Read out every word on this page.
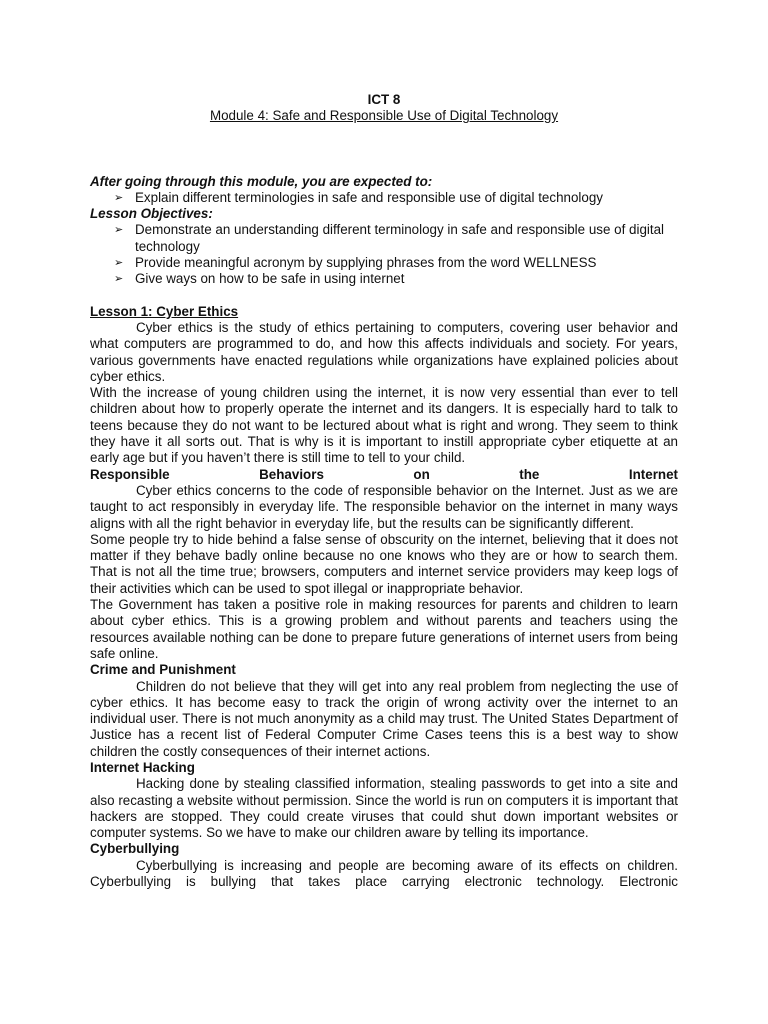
ICT 8
Module 4: Safe and Responsible Use of Digital Technology
After going through this module, you are expected to:
➢ Explain different terminologies in safe and responsible use of digital technology
Lesson Objectives:
➢ Demonstrate an understanding different terminology in safe and responsible use of digital technology
➢ Provide meaningful acronym by supplying phrases from the word WELLNESS
➢ Give ways on how to be safe in using internet
Lesson 1: Cyber Ethics

Cyber ethics is the study of ethics pertaining to computers, covering user behavior and what computers are programmed to do, and how this affects individuals and society. For years, various governments have enacted regulations while organizations have explained policies about cyber ethics.

With the increase of young children using the internet, it is now very essential than ever to tell children about how to properly operate the internet and its dangers. It is especially hard to talk to teens because they do not want to be lectured about what is right and wrong. They seem to think they have it all sorts out. That is why is it is important to instill appropriate cyber etiquette at an early age but if you haven’t there is still time to tell to your child.

Responsible Behaviors on the Internet

Cyber ethics concerns to the code of responsible behavior on the Internet. Just as we are taught to act responsibly in everyday life. The responsible behavior on the internet in many ways aligns with all the right behavior in everyday life, but the results can be significantly different.

Some people try to hide behind a false sense of obscurity on the internet, believing that it does not matter if they behave badly online because no one knows who they are or how to search them. That is not all the time true; browsers, computers and internet service providers may keep logs of their activities which can be used to spot illegal or inappropriate behavior.

The Government has taken a positive role in making resources for parents and children to learn about cyber ethics. This is a growing problem and without parents and teachers using the resources available nothing can be done to prepare future generations of internet users from being safe online.

Crime and Punishment

Children do not believe that they will get into any real problem from neglecting the use of cyber ethics. It has become easy to track the origin of wrong activity over the internet to an individual user. There is not much anonymity as a child may trust. The United States Department of Justice has a recent list of Federal Computer Crime Cases teens this is a best way to show children the costly consequences of their internet actions.

Internet Hacking

Hacking done by stealing classified information, stealing passwords to get into a site and also recasting a website without permission. Since the world is run on computers it is important that hackers are stopped. They could create viruses that could shut down important websites or computer systems. So we have to make our children aware by telling its importance.

Cyberbullying

Cyberbullying is increasing and people are becoming aware of its effects on children. Cyberbullying is bullying that takes place carrying electronic technology. Electronic
